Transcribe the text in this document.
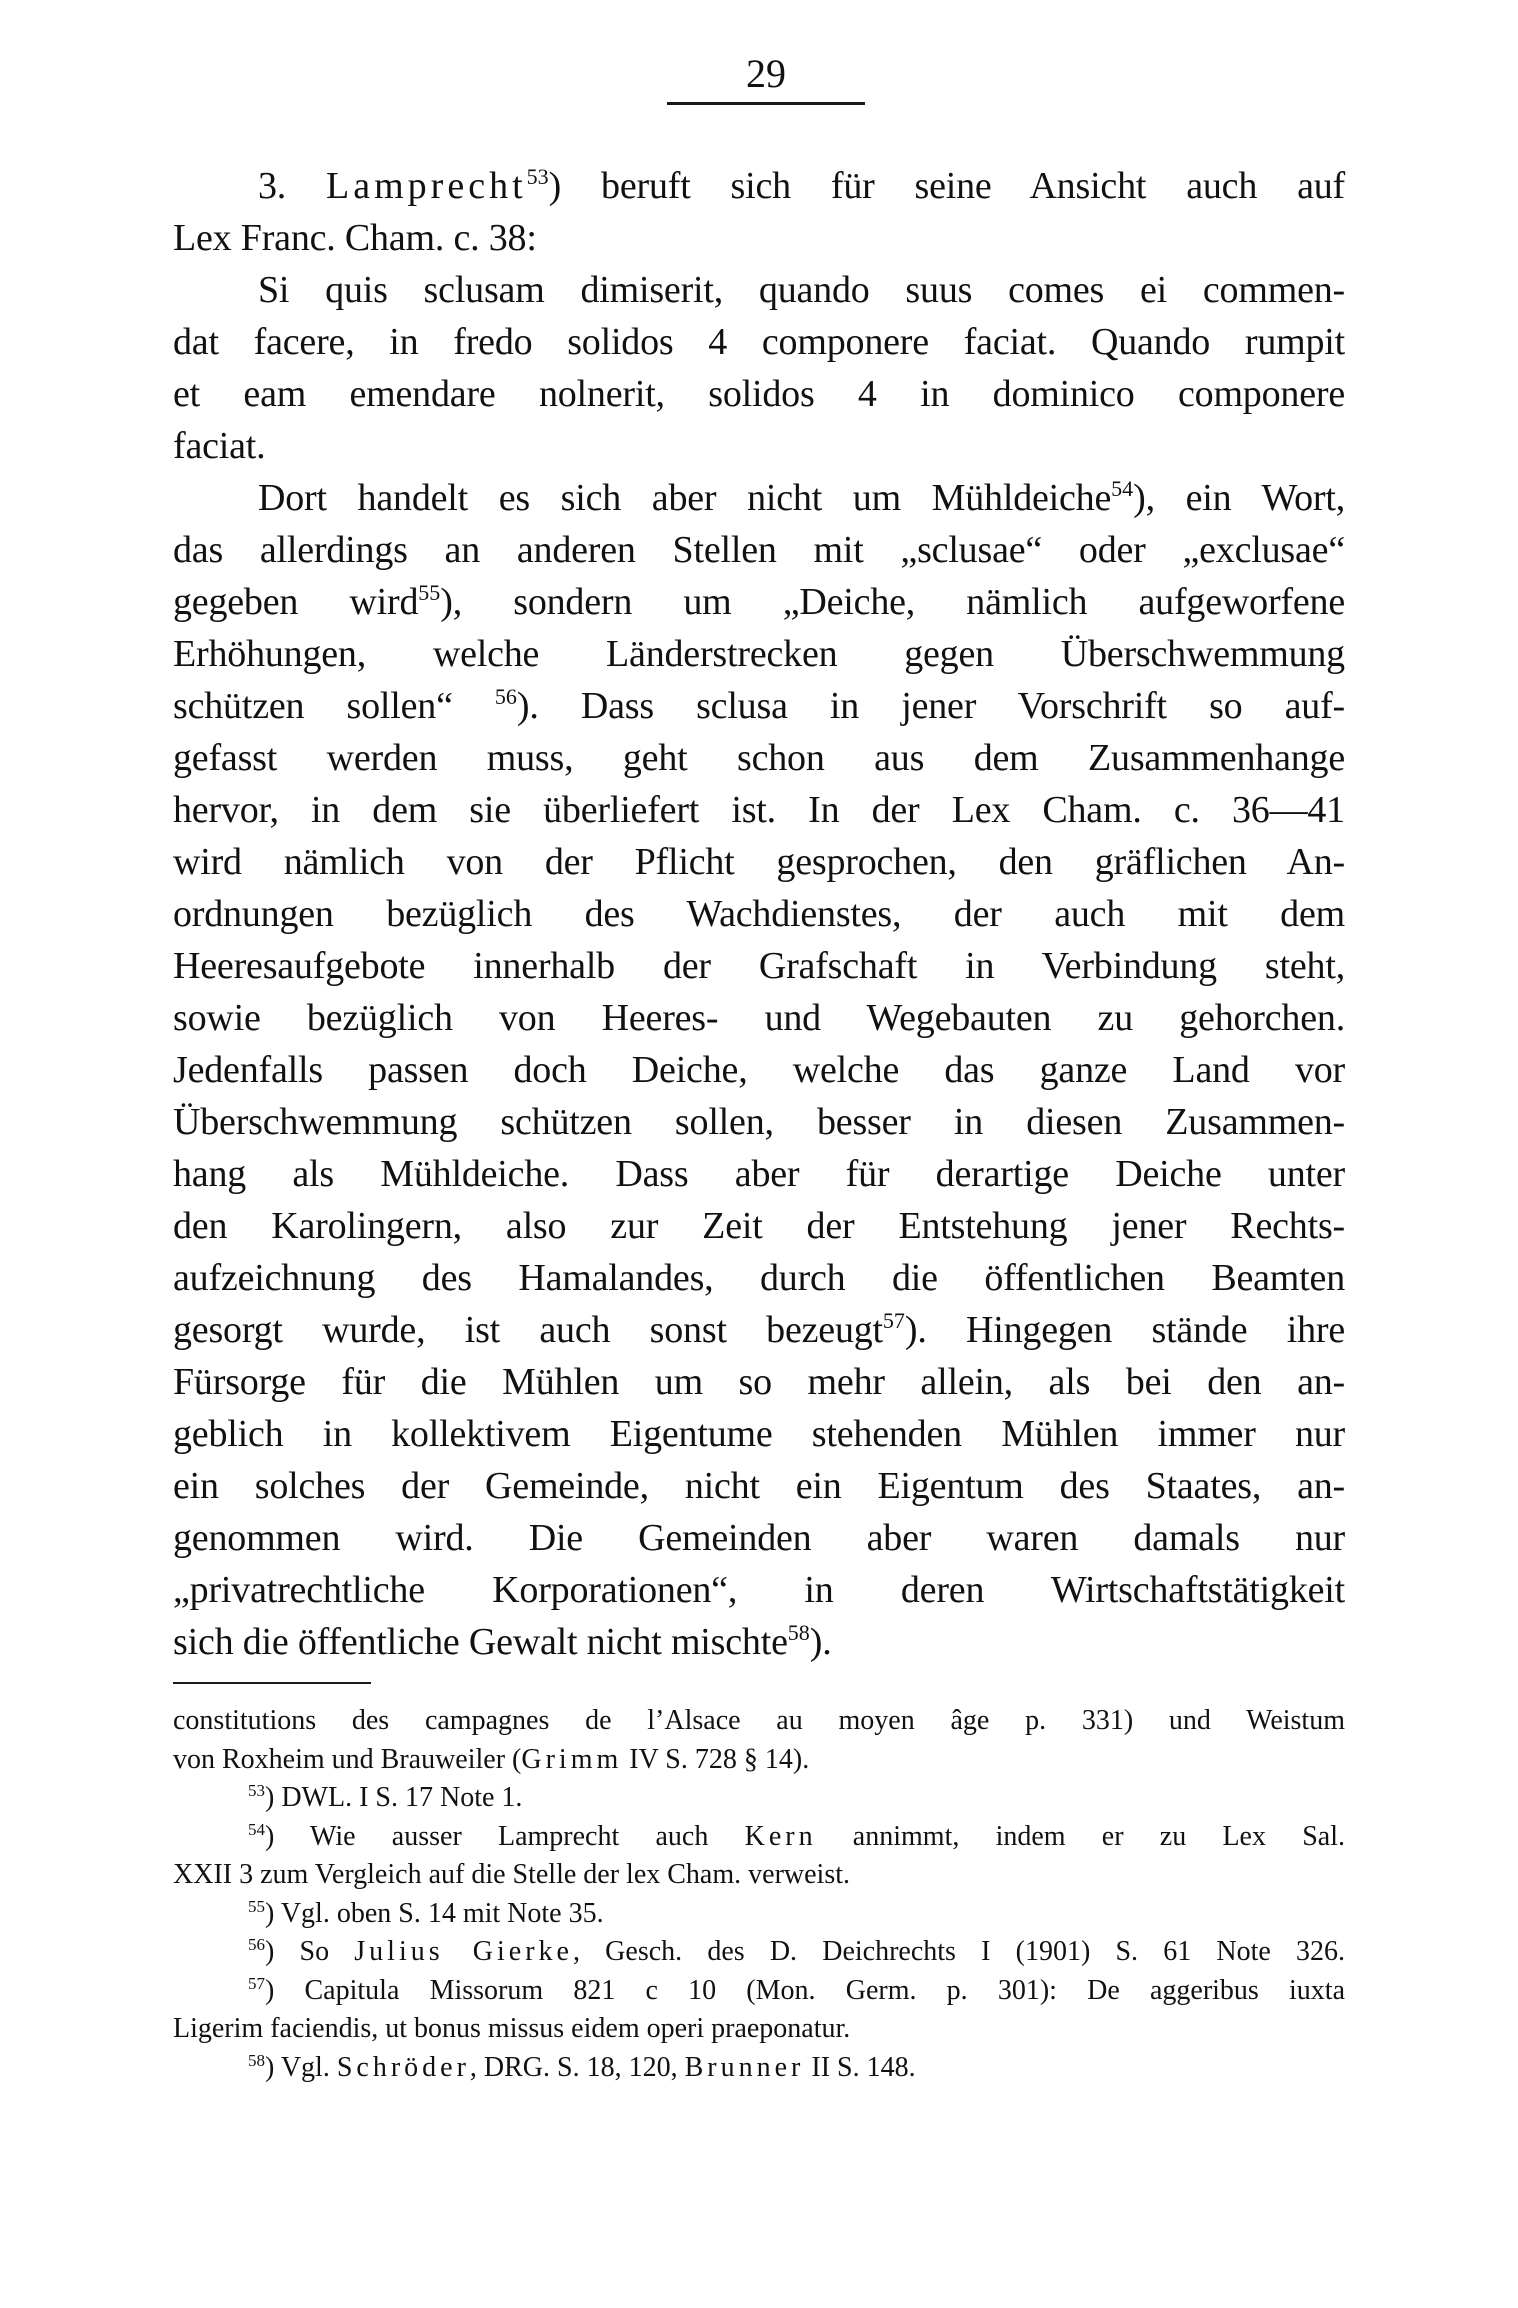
29
3. Lamprecht$^{53}$) beruft sich für seine Ansicht auch auf
Lex Franc. Cham. c. 38:
Si quis sclusam dimiserit, quando suus comes ei commen-
dat facere, in fredo solidos 4 componere faciat. Quando rumpit
et eam emendare nolnerit, solidos 4 in dominico componere
faciat.
Dort handelt es sich aber nicht um Mühldeiche$^{54}$), ein Wort,
das allerdings an anderen Stellen mit „sclusae“ oder „exclusae“
gegeben wird$^{55}$), sondern um „Deiche, nämlich aufgeworfene
Erhöhungen, welche Länderstrecken gegen Überschwemmung
schützen sollen“ $^{56}$). Dass sclusa in jener Vorschrift so auf-
gefasst werden muss, geht schon aus dem Zusammenhange
hervor, in dem sie überliefert ist. In der Lex Cham. c. 36—41
wird nämlich von der Pflicht gesprochen, den gräflichen An-
ordnungen bezüglich des Wachdienstes, der auch mit dem
Heeresaufgebote innerhalb der Grafschaft in Verbindung steht,
sowie bezüglich von Heeres- und Wegebauten zu gehorchen.
Jedenfalls passen doch Deiche, welche das ganze Land vor
Überschwemmung schützen sollen, besser in diesen Zusammen-
hang als Mühldeiche. Dass aber für derartige Deiche unter
den Karolingern, also zur Zeit der Entstehung jener Rechts-
aufzeichnung des Hamalandes, durch die öffentlichen Beamten
gesorgt wurde, ist auch sonst bezeugt$^{57}$). Hingegen stände ihre
Fürsorge für die Mühlen um so mehr allein, als bei den an-
geblich in kollektivem Eigentume stehenden Mühlen immer nur
ein solches der Gemeinde, nicht ein Eigentum des Staates, an-
genommen wird. Die Gemeinden aber waren damals nur
„privatrechtliche Korporationen“, in deren Wirtschaftstätigkeit
sich die öffentliche Gewalt nicht mischte$^{58}$).
constitutions des campagnes de l’Alsace au moyen âge p. 331) und Weistum
von Roxheim und Brauweiler (Grimm IV S. 728 § 14).
$^{53}$) DWL. I S. 17 Note 1.
$^{54}$) Wie ausser Lamprecht auch Kern annimmt, indem er zu Lex Sal.
XXII 3 zum Vergleich auf die Stelle der lex Cham. verweist.
$^{55}$) Vgl. oben S. 14 mit Note 35.
$^{56}$) So Julius Gierke, Gesch. des D. Deichrechts I (1901) S. 61 Note 326.
$^{57}$) Capitula Missorum 821 c 10 (Mon. Germ. p. 301): De aggeribus iuxta
Ligerim faciendis, ut bonus missus eidem operi praeponatur.
$^{58}$) Vgl. Schröder, DRG. S. 18, 120, Brunner II S. 148.
